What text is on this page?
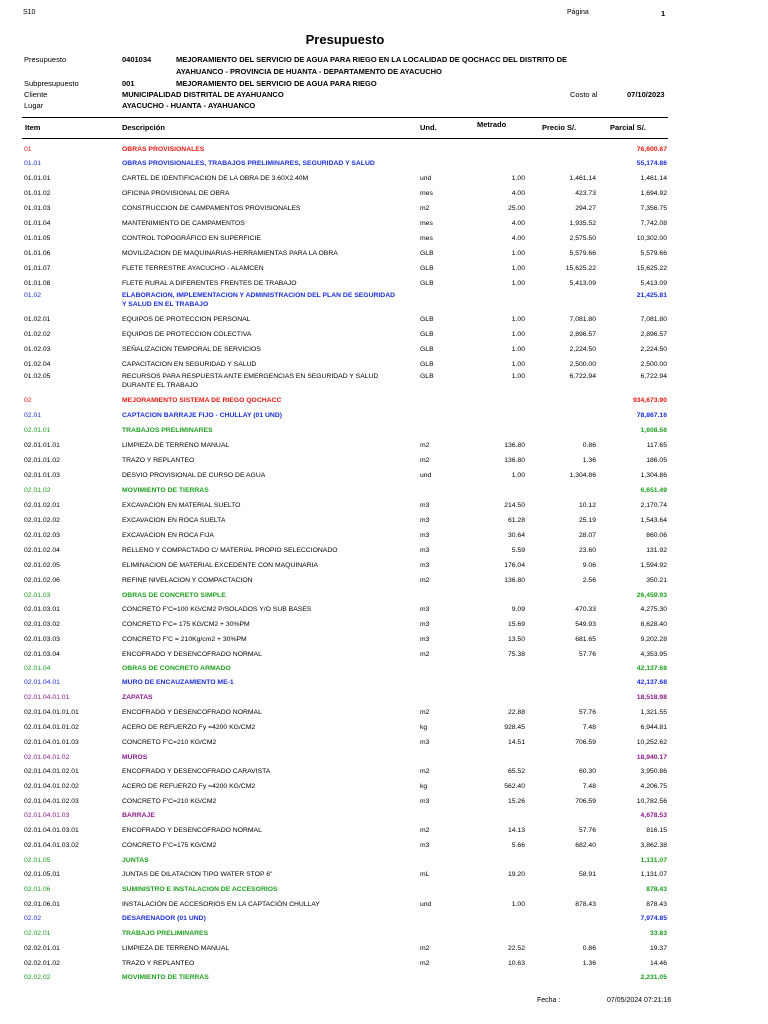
S10	Página	1
Presupuesto
Presupuesto	0401034	MEJORAMIENTO DEL SERVICIO DE AGUA PARA RIEGO EN LA LOCALIDAD DE QOCHACC DEL DISTRITO DE
AYAHUANCO - PROVINCIA DE HUANTA - DEPARTAMENTO DE AYACUCHO
Subpresupuesto	001	MEJORAMIENTO DEL SERVICIO DE AGUA PARA RIEGO
Cliente	MUNICIPALIDAD DISTRITAL DE AYAHUANCO	Costo al	07/10/2023
Lugar	AYACUCHO - HUANTA - AYAHUANCO
Item	Descripción	Und.	Metrado	Precio S/.	Parcial S/.
01	OBRAS PROVISIONALES	76,600.67
01.01	OBRAS PROVISIONALES, TRABAJOS PRELIMINARES, SEGURIDAD Y SALUD	55,174.86
01.01.01	CARTEL DE IDENTIFICACION DE LA OBRA DE 3.60X2.40M	und	1.00	1,461.14	1,461.14
01.01.02	OFICINA PROVISIONAL DE OBRA	mes	4.00	423.73	1,694.92
01.01.03	CONSTRUCCION DE CAMPAMENTOS PROVISIONALES	m2	25.00	294.27	7,356.75
01.01.04	MANTENIMIENTO DE CAMPAMENTOS	mes	4.00	1,935.52	7,742.08
01.01.05	CONTROL TOPOGRÁFICO EN SUPERFICIE	mes	4.00	2,575.50	10,302.00
01.01.06	MOVILIZACION DE MAQUINARIAS-HERRAMIENTAS PARA LA OBRA	GLB	1.00	5,579.66	5,579.66
01.01.07	FLETE TERRESTRE AYACUCHO - ALAMCEN	GLB	1.00	15,625.22	15,625.22
01.01.08	FLETE RURAL A DIFERENTES FRENTES DE TRABAJO	GLB	1.00	5,413.09	5,413.09
01.02	ELABORACION, IMPLEMENTACION Y ADMINISTRACION DEL PLAN DE SEGURIDAD	21,425.81
Y SALUD EN EL TRABAJO
01.02.01	EQUIPOS DE PROTECCION PERSONAL	GLB	1.00	7,081.80	7,081.80
01.02.02	EQUIPOS DE PROTECCION COLECTIVA	GLB	1.00	2,896.57	2,896.57
01.02.03	SEÑALIZACION TEMPORAL DE SERVICIOS	GLB	1.00	2,224.50	2,224.50
01.02.04	CAPACITACION EN SEGURIDAD Y SALUD	GLB	1.00	2,500.00	2,500.00
01.02.05	RECURSOS PARA RESPUESTA ANTE EMERGENCIAS EN SEGURIDAD Y SALUD	GLB	1.00	6,722.94	6,722.94
DURANTE EL TRABAJO
02	MEJORAMIENTO SISTEMA DE RIEGO QOCHACC	934,673.90
02.01	CAPTACION BARRAJE FIJO - CHULLAY (01 UND)	78,867.16
02.01.01	TRABAJOS PRELIMINARES	1,608.56
02.01.01.01	LIMPIEZA DE TERRENO MANUAL	m2	136.80	0.86	117.65
02.01.01.02	TRAZO Y REPLANTEO	m2	136.80	1.36	186.05
02.01.01.03	DESVIO PROVISIONAL DE CURSO DE AGUA	und	1.00	1,304.86	1,304.86
02.01.02	MOVIMIENTO DE TIERRAS	6,651.49
02.01.02.01	EXCAVACION EN MATERIAL SUELTO	m3	214.50	10.12	2,170.74
02.01.02.02	EXCAVACION EN ROCA SUELTA	m3	61.28	25.19	1,543.64
02.01.02.03	EXCAVACION EN ROCA FIJA	m3	30.64	28.07	860.06
02.01.02.04	RELLENO Y COMPACTADO C/ MATERIAL PROPIO SELECCIONADO	m3	5.59	23.60	131.92
02.01.02.05	ELIMINACION DE MATERIAL EXCEDENTE CON MAQUINARIA	m3	176.04	9.06	1,594.92
02.01.02.06	REFINE NIVELACION Y COMPACTACION	m2	136.80	2.56	350.21
02.01.03	OBRAS DE CONCRETO SIMPLE	26,459.93
02.01.03.01	CONCRETO F'C=100 KG/CM2 P/SOLADOS Y/O SUB BASES	m3	9.09	470.33	4,275.30
02.01.03.02	CONCRETO F'C= 175 KG/CM2 + 30%PM	m3	15.69	549.93	8,628.40
02.01.03.03	CONCRETO F'C = 210Kg/cm2 + 30%PM	m3	13.50	681.65	9,202.28
02.01.03.04	ENCOFRADO Y DESENCOFRADO NORMAL	m2	75.38	57.76	4,353.95
02.01.04	OBRAS DE CONCRETO ARMADO	42,137.68
02.01.04.01	MURO DE ENCAUZAMIENTO ME-1	42,137.68
02.01.04.01.01	ZAPATAS	18,518.98
02.01.04.01.01.01	ENCOFRADO Y DESENCOFRADO NORMAL	m2	22.88	57.76	1,321.55
02.01.04.01.01.02	ACERO DE REFUERZO Fy =4200 KG/CM2	kg	928.45	7.48	6,944.81
02.01.04.01.01.03	CONCRETO F'C=210 KG/CM2	m3	14.51	706.59	10,252.62
02.01.04.01.02	MUROS	18,940.17
02.01.04.01.02.01	ENCOFRADO Y DESENCOFRADO CARAVISTA	m2	65.52	60.30	3,950.86
02.01.04.01.02.02	ACERO DE REFUERZO Fy =4200 KG/CM2	kg	562.40	7.48	4,206.75
02.01.04.01.02.03	CONCRETO F'C=210 KG/CM2	m3	15.26	706.59	10,782.56
02.01.04.01.03	BARRAJE	4,678.53
02.01.04.01.03.01	ENCOFRADO Y DESENCOFRADO NORMAL	m2	14.13	57.76	816.15
02.01.04.01.03.02	CONCRETO F'C=175 KG/CM2	m3	5.66	682.40	3,862.38
02.01.05	JUNTAS	1,131.07
02.01.05.01	JUNTAS DE DILATACION TIPO WATER STOP 6"	mL	19.20	58.91	1,131.07
02.01.06	SUMINISTRO E INSTALACION DE ACCESORIOS	878.43
02.01.06.01	INSTALACIÓN DE ACCESORIOS EN LA CAPTACIÓN CHULLAY	und	1.00	878.43	878.43
02.02	DESARENADOR (01 UND)	7,974.85
02.02.01	TRABAJO PRELIMINARES	33.83
02.02.01.01	LIMPIEZA DE TERRENO MANUAL	m2	22.52	0.86	19.37
02.02.01.02	TRAZO Y REPLANTEO	m2	10.63	1.36	14.46
02.02.02	MOVIMIENTO DE TIERRAS	2,231.05
Fecha :	07/05/2024 07:21:16
